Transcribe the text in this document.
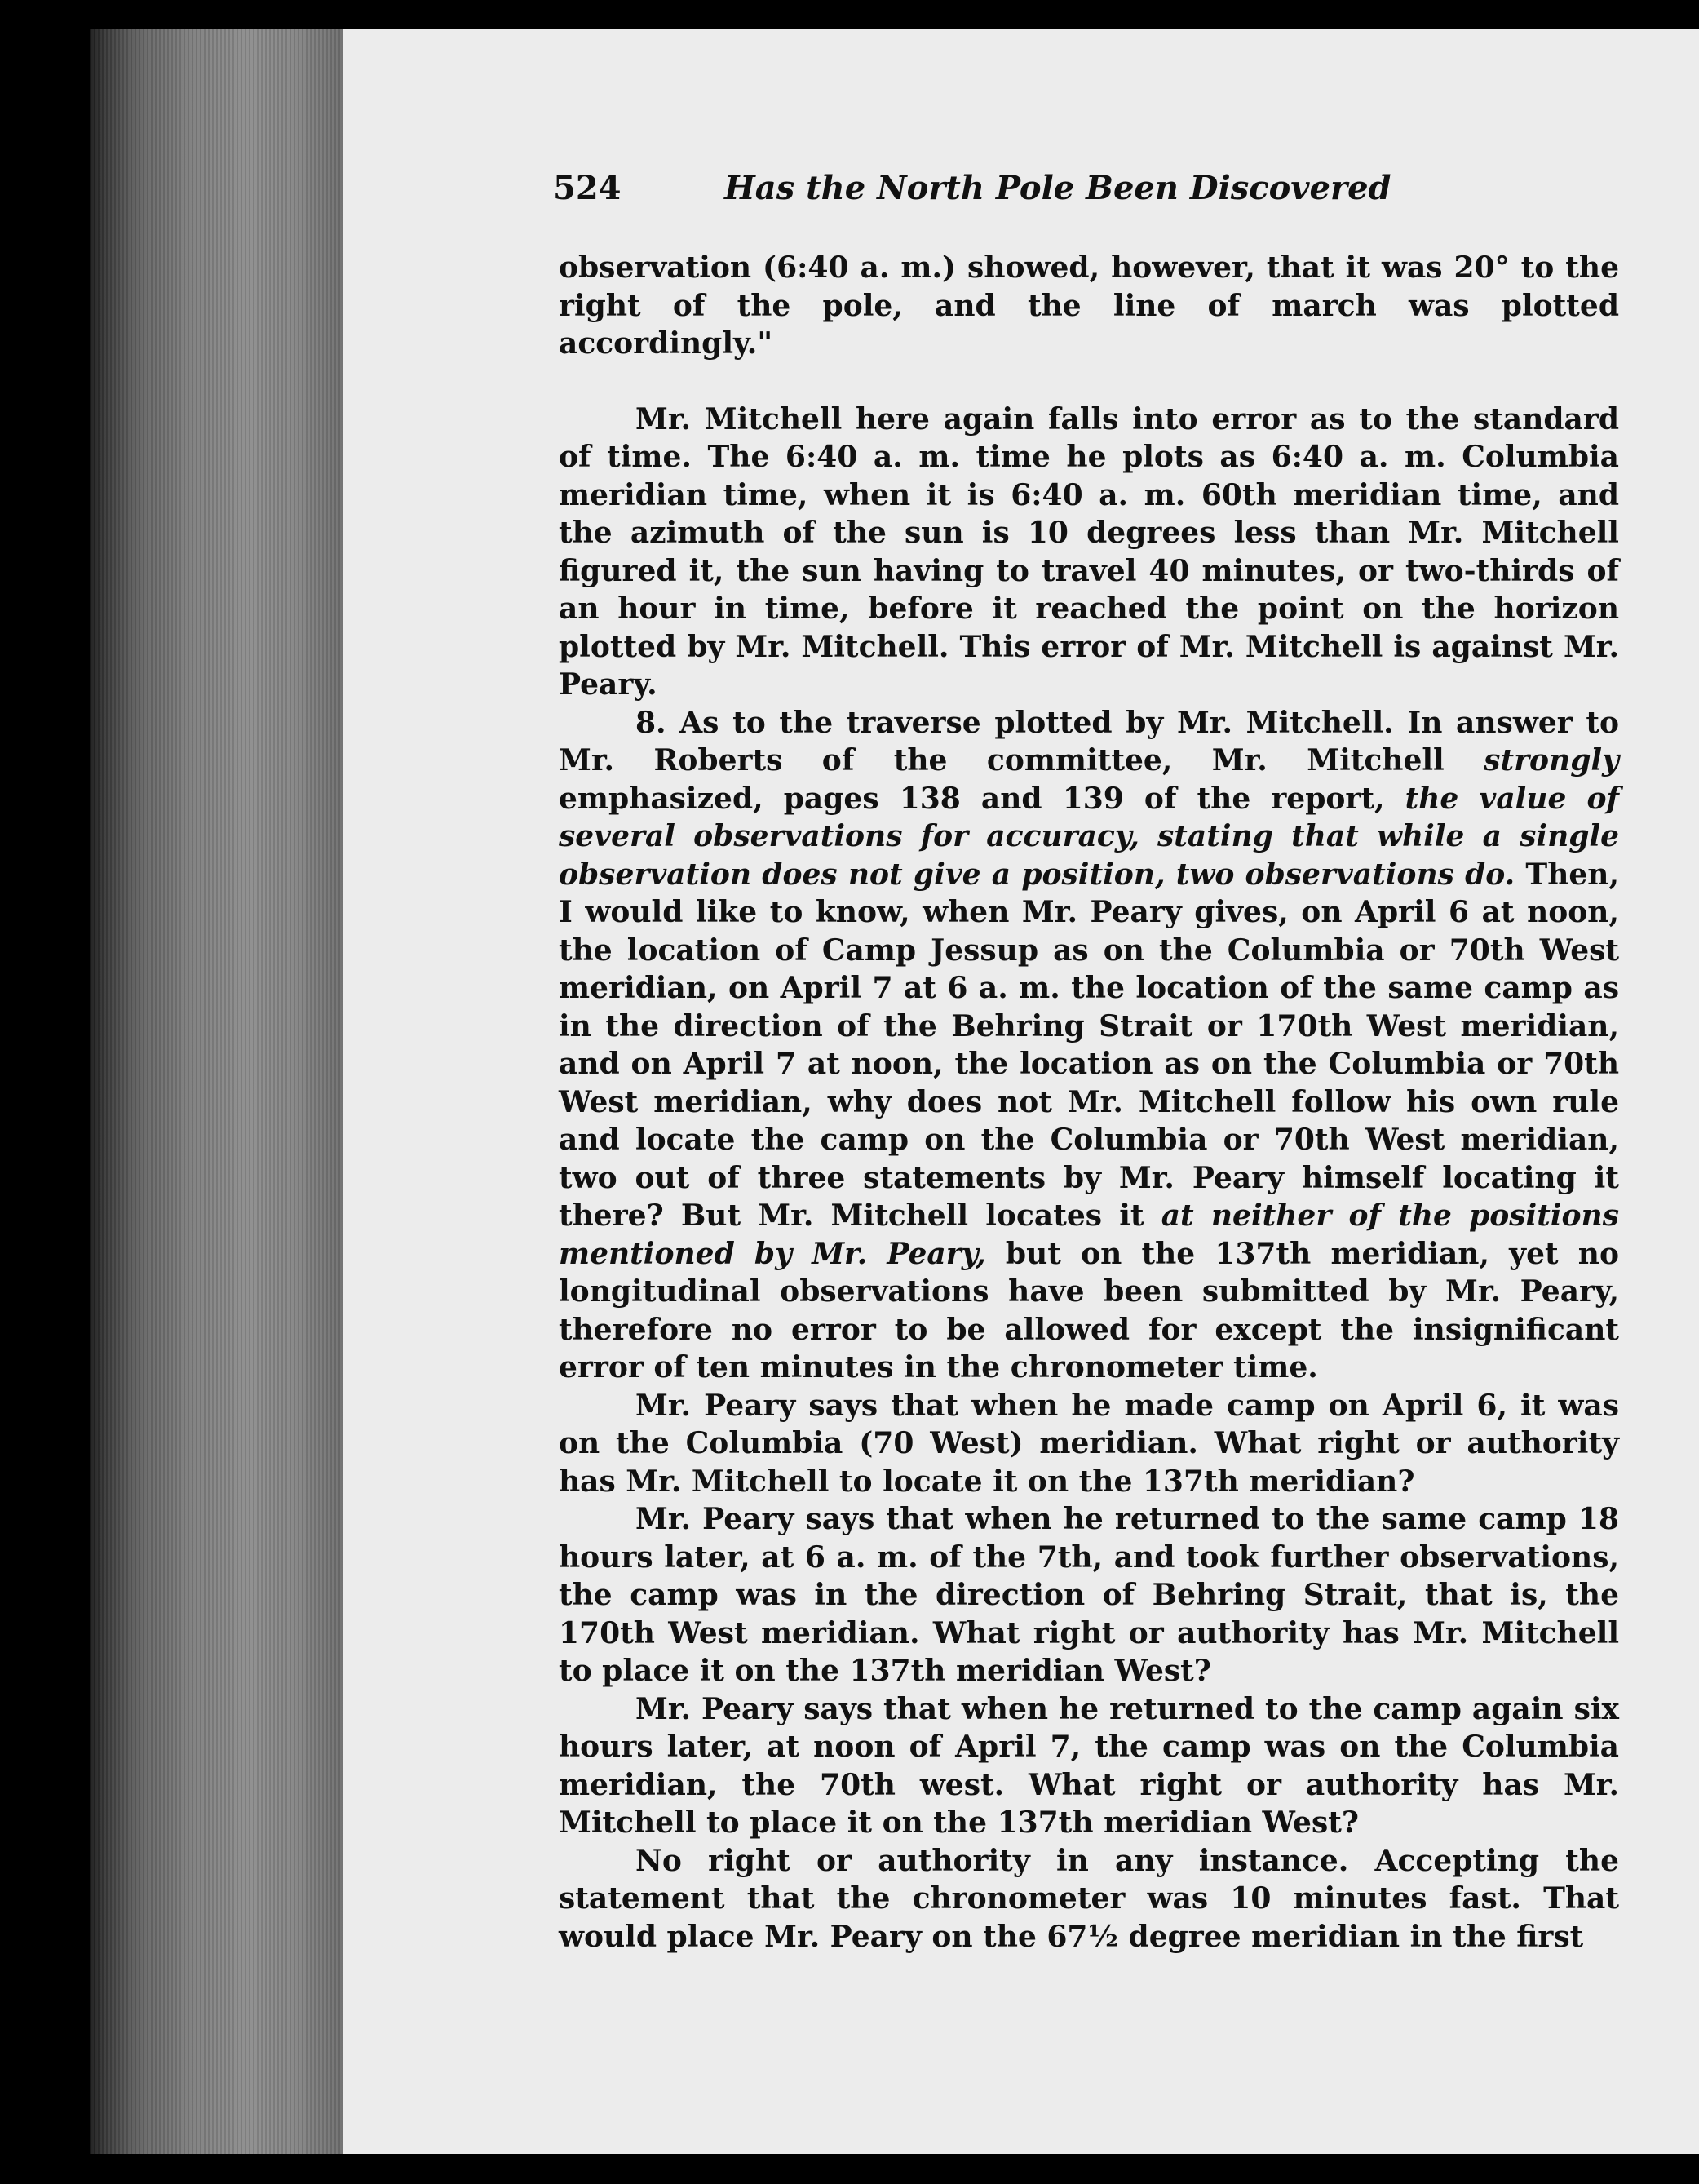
524	Has the North Pole Been Discovered

observation (6:40 a. m.) showed, however, that it was 20° to the right of the pole, and the line of march was plotted accordingly."

Mr. Mitchell here again falls into error as to the standard of time. The 6:40 a. m. time he plots as 6:40 a. m. Columbia meridian time, when it is 6:40 a. m. 60th meridian time, and the azimuth of the sun is 10 degrees less than Mr. Mitchell figured it, the sun having to travel 40 minutes, or two-thirds of an hour in time, before it reached the point on the horizon plotted by Mr. Mitchell. This error of Mr. Mitchell is against Mr. Peary.

8. As to the traverse plotted by Mr. Mitchell. In answer to Mr. Roberts of the committee, Mr. Mitchell strongly emphasized, pages 138 and 139 of the report, the value of several observations for accuracy, stating that while a single observation does not give a position, two observations do. Then, I would like to know, when Mr. Peary gives, on April 6 at noon, the location of Camp Jessup as on the Columbia or 70th West meridian, on April 7 at 6 a. m. the location of the same camp as in the direction of the Behring Strait or 170th West meridian, and on April 7 at noon, the location as on the Columbia or 70th West meridian, why does not Mr. Mitchell follow his own rule and locate the camp on the Columbia or 70th West meridian, two out of three statements by Mr. Peary himself locating it there? But Mr. Mitchell locates it at neither of the positions mentioned by Mr. Peary, but on the 137th meridian, yet no longitudinal observations have been submitted by Mr. Peary, therefore no error to be allowed for except the insignificant error of ten minutes in the chronometer time.

Mr. Peary says that when he made camp on April 6, it was on the Columbia (70 West) meridian. What right or authority has Mr. Mitchell to locate it on the 137th meridian?

Mr. Peary says that when he returned to the same camp 18 hours later, at 6 a. m. of the 7th, and took further observations, the camp was in the direction of Behring Strait, that is, the 170th West meridian. What right or authority has Mr. Mitchell to place it on the 137th meridian West?

Mr. Peary says that when he returned to the camp again six hours later, at noon of April 7, the camp was on the Columbia meridian, the 70th west. What right or authority has Mr. Mitchell to place it on the 137th meridian West?

No right or authority in any instance. Accepting the statement that the chronometer was 10 minutes fast. That would place Mr. Peary on the 67½ degree meridian in the first
